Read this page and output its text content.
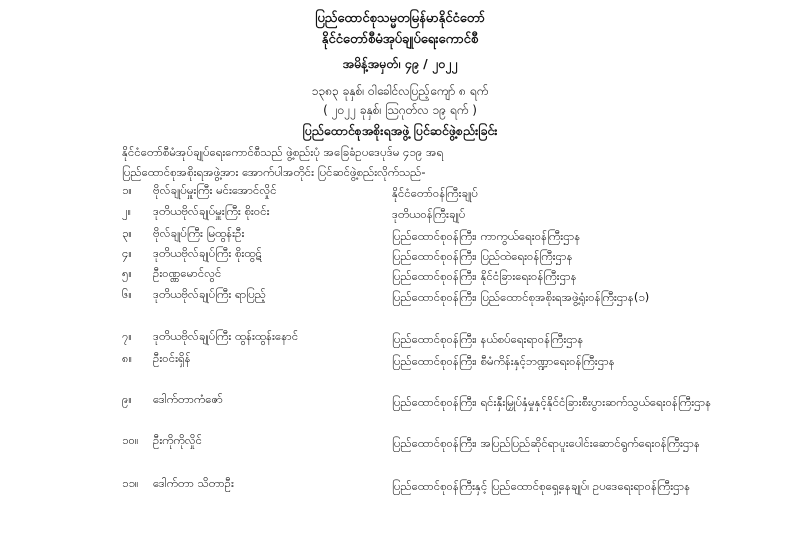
ပြည်ထောင်စုသမ္မတမြန်မာနိုင်ငံတော်
နိုင်ငံတော်စီမံအုပ်ချုပ်ရေးကောင်စီ
အမိန့်အမှတ်၊ ၄၉ / ၂၀၂၂
၁၃၈၃ ခုနှစ်၊ ဝါခေါင်လပြည့်ကျော် ၈ ရက်
( ၂၀၂၂ ခုနှစ်၊ ဩဂုတ်လ ၁၉ ရက် )
ပြည်ထောင်စုအစိုးရအဖွဲ့ ပြင်ဆင်ဖွဲ့စည်းခြင်း
နိုင်ငံတော်စီမံအုပ်ချုပ်ရေးကောင်စီသည် ဖွဲ့စည်းပုံ အခြေခံဥပဒေပုဒ်မ ၄၁၉ အရ
ပြည်ထောင်စုအစိုးရအဖွဲ့အား အောက်ပါအတိုင်း ပြင်ဆင်ဖွဲ့စည်းလိုက်သည်-
၁။	ဗိုလ်ချုပ်မှူးကြီး မင်းအောင်လှိုင်	နိုင်ငံတော်ဝန်ကြီးချုပ်
၂။	ဒုတိယဗိုလ်ချုပ်မှူးကြီး စိုးဝင်း	ဒုတိယဝန်ကြီးချုပ်
၃။	ဗိုလ်ချုပ်ကြီး မြထွန်းဦး	ပြည်ထောင်စုဝန်ကြီး၊ ကာကွယ်ရေးဝန်ကြီးဌာန
၄။	ဒုတိယဗိုလ်ချုပ်ကြီး စိုးထွဋ်	ပြည်ထောင်စုဝန်ကြီး၊ ပြည်ထဲရေးဝန်ကြီးဌာန
၅။	ဦးဝဏ္ဏမောင်လွင်	ပြည်ထောင်စုဝန်ကြီး၊ နိုင်ငံခြားရေးဝန်ကြီးဌာန
၆။	ဒုတိယဗိုလ်ချုပ်ကြီး ရာပြည့်	ပြည်ထောင်စုဝန်ကြီး၊ ပြည်ထောင်စုအစိုးရအဖွဲ့ရုံးဝန်ကြီးဌာန(၁)
၇။	ဒုတိယဗိုလ်ချုပ်ကြီး ထွန်းထွန်းနောင်	ပြည်ထောင်စုဝန်ကြီး၊ နယ်စပ်ရေးရာဝန်ကြီးဌာန
၈။	ဦးဝင်းရှိန်	ပြည်ထောင်စုဝန်ကြီး၊ စီမံကိန်းနှင့်ဘဏ္ဍာရေးဝန်ကြီးဌာန
၉။	ဒေါက်တာကံဇော်	ပြည်ထောင်စုဝန်ကြီး၊ ရင်းနှီးမြှုပ်နှံမှုနှင့်နိုင်ငံခြားစီးပွားဆက်သွယ်ရေးဝန်ကြီးဌာန
၁၀။	ဦးကိုကိုလှိုင်	ပြည်ထောင်စုဝန်ကြီး၊ အပြည်ပြည်ဆိုင်ရာပူးပေါင်းဆောင်ရွက်ရေးဝန်ကြီးဌာန
၁၁။	ဒေါက်တာ သိတာဦး	ပြည်ထောင်စုဝန်ကြီးနှင့် ပြည်ထောင်စုရှေ့နေချုပ်၊ ဥပဒေရေးရာဝန်ကြီးဌာန
